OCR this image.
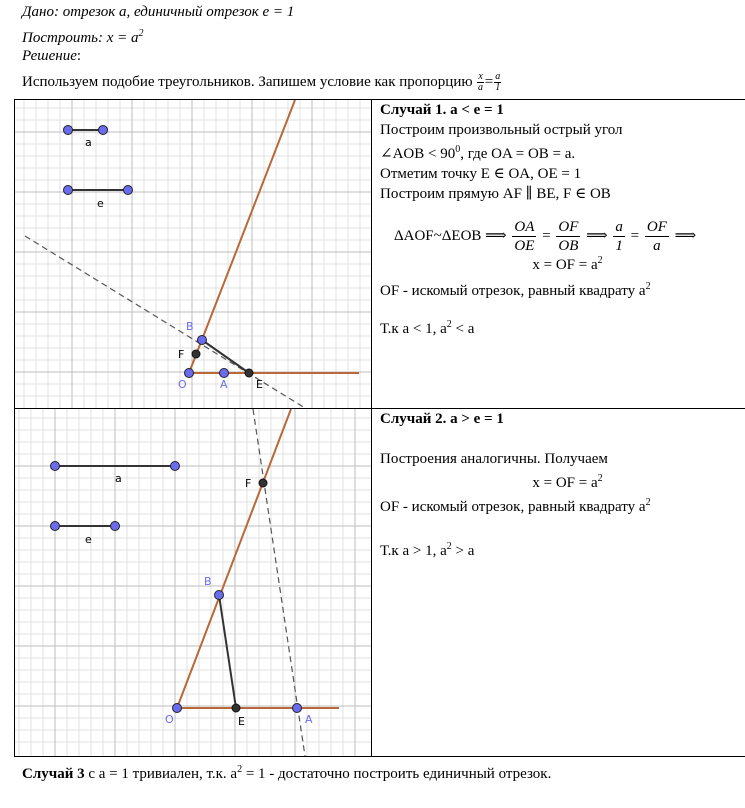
Дано: отрезок a, единичный отрезок e = 1
Построить: $x = a^2$
Решение:
Используем подобие треугольников. Запишем условие как пропорцию $\frac{x}{a} = \frac{a}{1}$
a
e
B
F
O	A	E
Случай 1. a < e = 1
Построим произвольный острый угол
∠AOB < $90^0$, где OA = OB = a.
Отметим точку E ∈ OA, OE = 1
Построим прямую AF ∥ BE, F ∈ OB
ΔAOF~ΔEOB ⟹ $\frac{OA}{OE} = \frac{OF}{OB}$ ⟹ $\frac{a}{1} = \frac{OF}{a}$ ⟹
x = OF = $a^2$
OF - искомый отрезок, равный квадрату $a^2$
Т.к a < 1, $a^2 < a$
a
e
B
F
O	E	A
Случай 2. a > e = 1
Построения аналогичны. Получаем
x = OF = $a^2$
OF - искомый отрезок, равный квадрату $a^2$
Т.к a > 1, $a^2 > a$
Случай 3 с a = 1 тривиален, т.к. $a^2 = 1$ - достаточно построить единичный отрезок.
